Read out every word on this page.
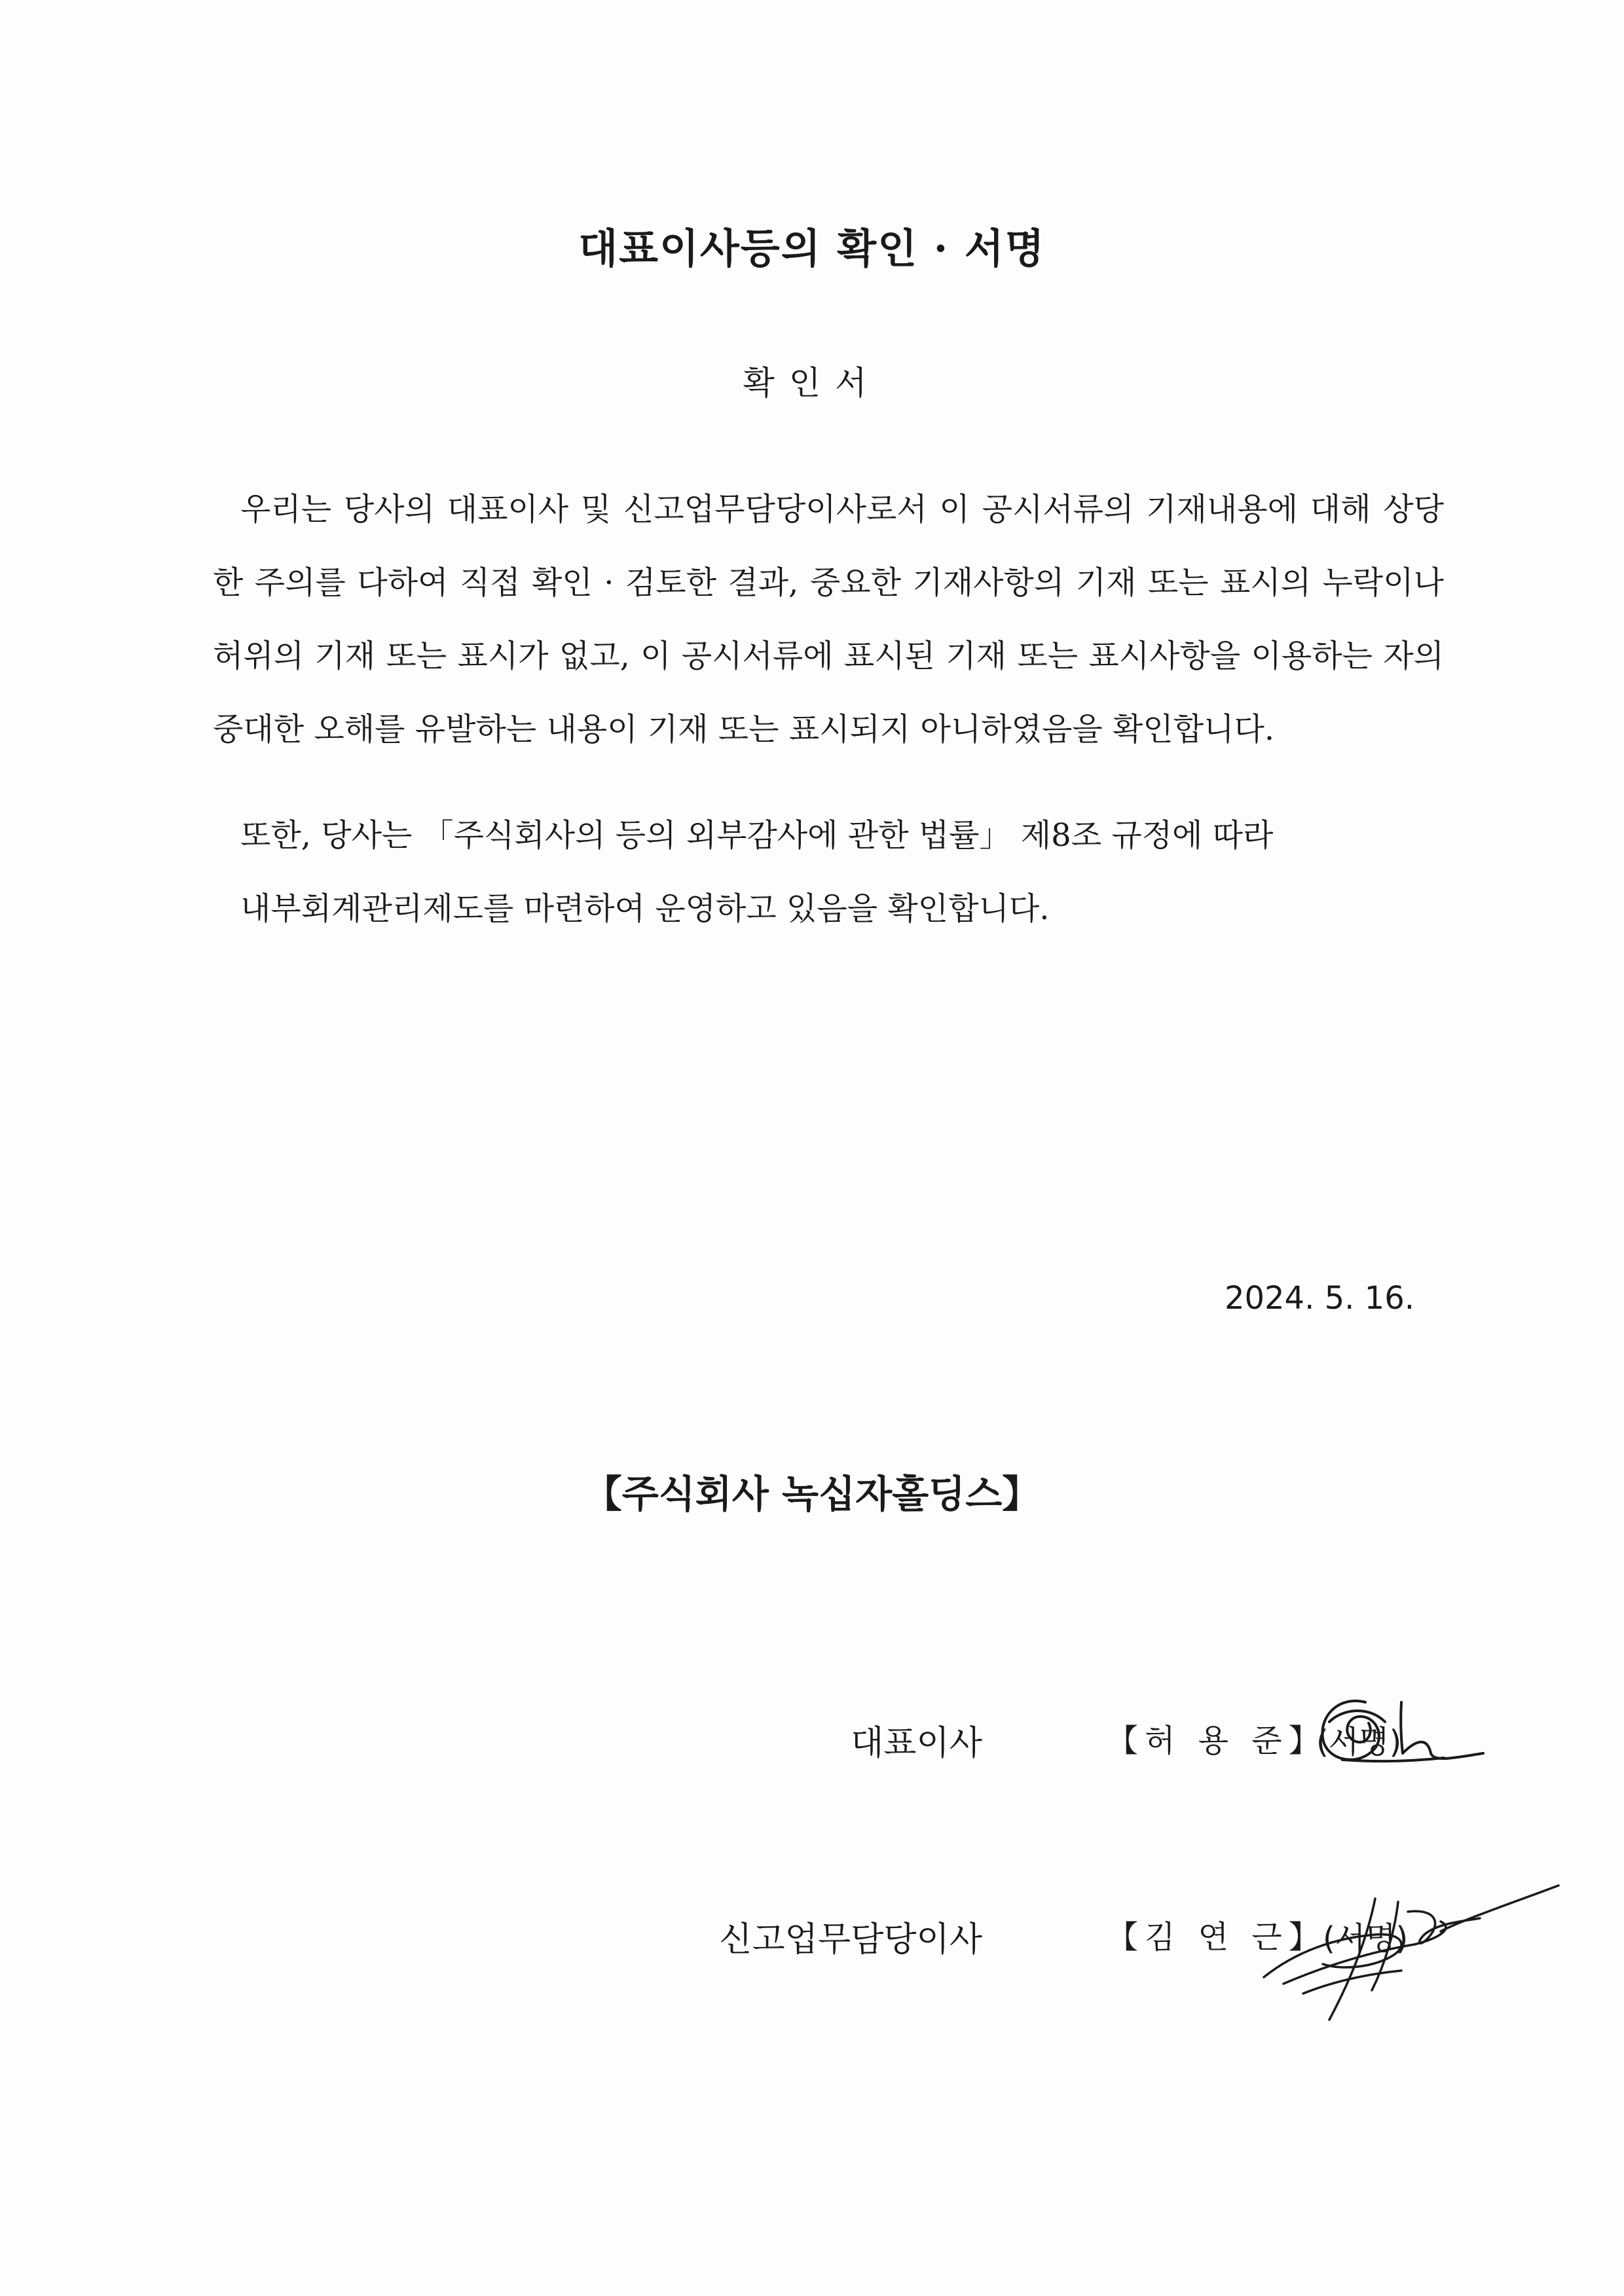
대표이사등의 확인 · 서명
확인서
우리는 당사의 대표이사 및 신고업무담당이사로서 이 공시서류의 기재내용에 대해 상당한 주의를 다하여 직접 확인 · 검토한 결과, 중요한 기재사항의 기재 또는 표시의 누락이나 허위의 기재 또는 표시가 없고, 이 공시서류에 표시된 기재 또는 표시사항을 이용하는 자의 중대한 오해를 유발하는 내용이 기재 또는 표시되지 아니하였음을 확인합니다.
또한, 당사는 「주식회사의 등의 외부감사에 관한 법률」 제8조 규정에 따라
내부회계관리제도를 마련하여 운영하고 있음을 확인합니다.
2024. 5. 16.
【주식회사 녹십자홀딩스】
대표이사	【허 용 준】
(서명)
신고업무담당이사	【김 연 근】
(서명)
